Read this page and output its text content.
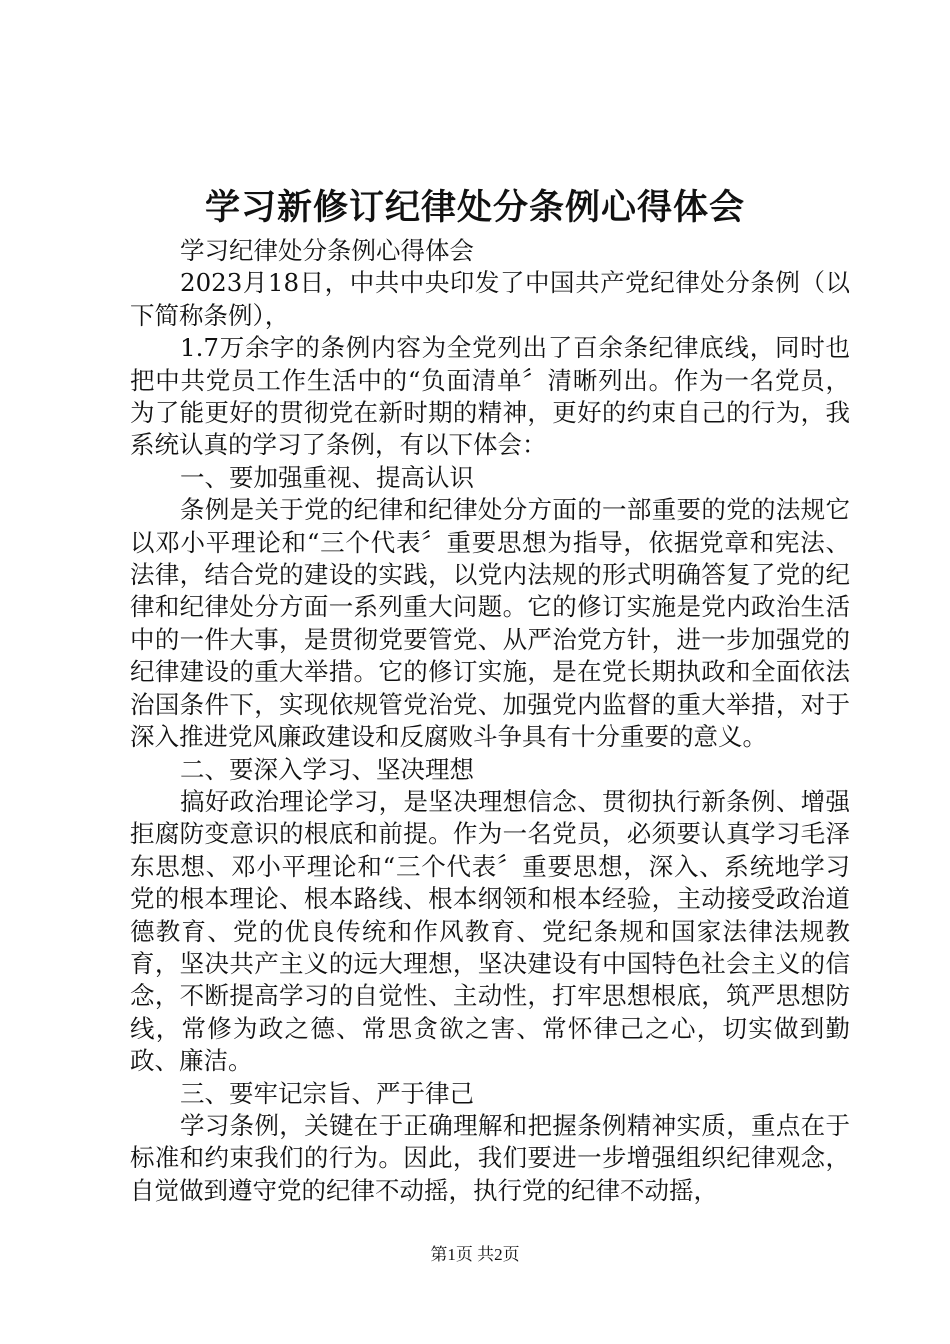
学习新修订纪律处分条例心得体会

学习纪律处分条例心得体会

2023月18日，中共中央印发了中国共产党纪律处分条例（以下简称条例），

1.7万余字的条例内容为全党列出了百余条纪律底线，同时也把中共党员工作生活中的“负面清单〞清晰列出。作为一名党员，为了能更好的贯彻党在新时期的精神，更好的约束自己的行为，我系统认真的学习了条例，有以下体会：

一、要加强重视、提高认识

条例是关于党的纪律和纪律处分方面的一部重要的党的法规它以邓小平理论和“三个代表〞重要思想为指导，依据党章和宪法、法律，结合党的建设的实践，以党内法规的形式明确答复了党的纪律和纪律处分方面一系列重大问题。它的修订实施是党内政治生活中的一件大事，是贯彻党要管党、从严治党方针，进一步加强党的纪律建设的重大举措。它的修订实施，是在党长期执政和全面依法治国条件下，实现依规管党治党、加强党内监督的重大举措，对于深入推进党风廉政建设和反腐败斗争具有十分重要的意义。

二、要深入学习、坚决理想

搞好政治理论学习，是坚决理想信念、贯彻执行新条例、增强拒腐防变意识的根底和前提。作为一名党员，必须要认真学习毛泽东思想、邓小平理论和“三个代表〞重要思想，深入、系统地学习党的根本理论、根本路线、根本纲领和根本经验，主动接受政治道德教育、党的优良传统和作风教育、党纪条规和国家法律法规教育，坚决共产主义的远大理想，坚决建设有中国特色社会主义的信念，不断提高学习的自觉性、主动性，打牢思想根底，筑严思想防线，常修为政之德、常思贪欲之害、常怀律己之心，切实做到勤政、廉洁。

三、要牢记宗旨、严于律己

学习条例，关键在于正确理解和把握条例精神实质，重点在于标准和约束我们的行为。因此，我们要进一步增强组织纪律观念，自觉做到遵守党的纪律不动摇，执行党的纪律不动摇，

第1页 共2页
